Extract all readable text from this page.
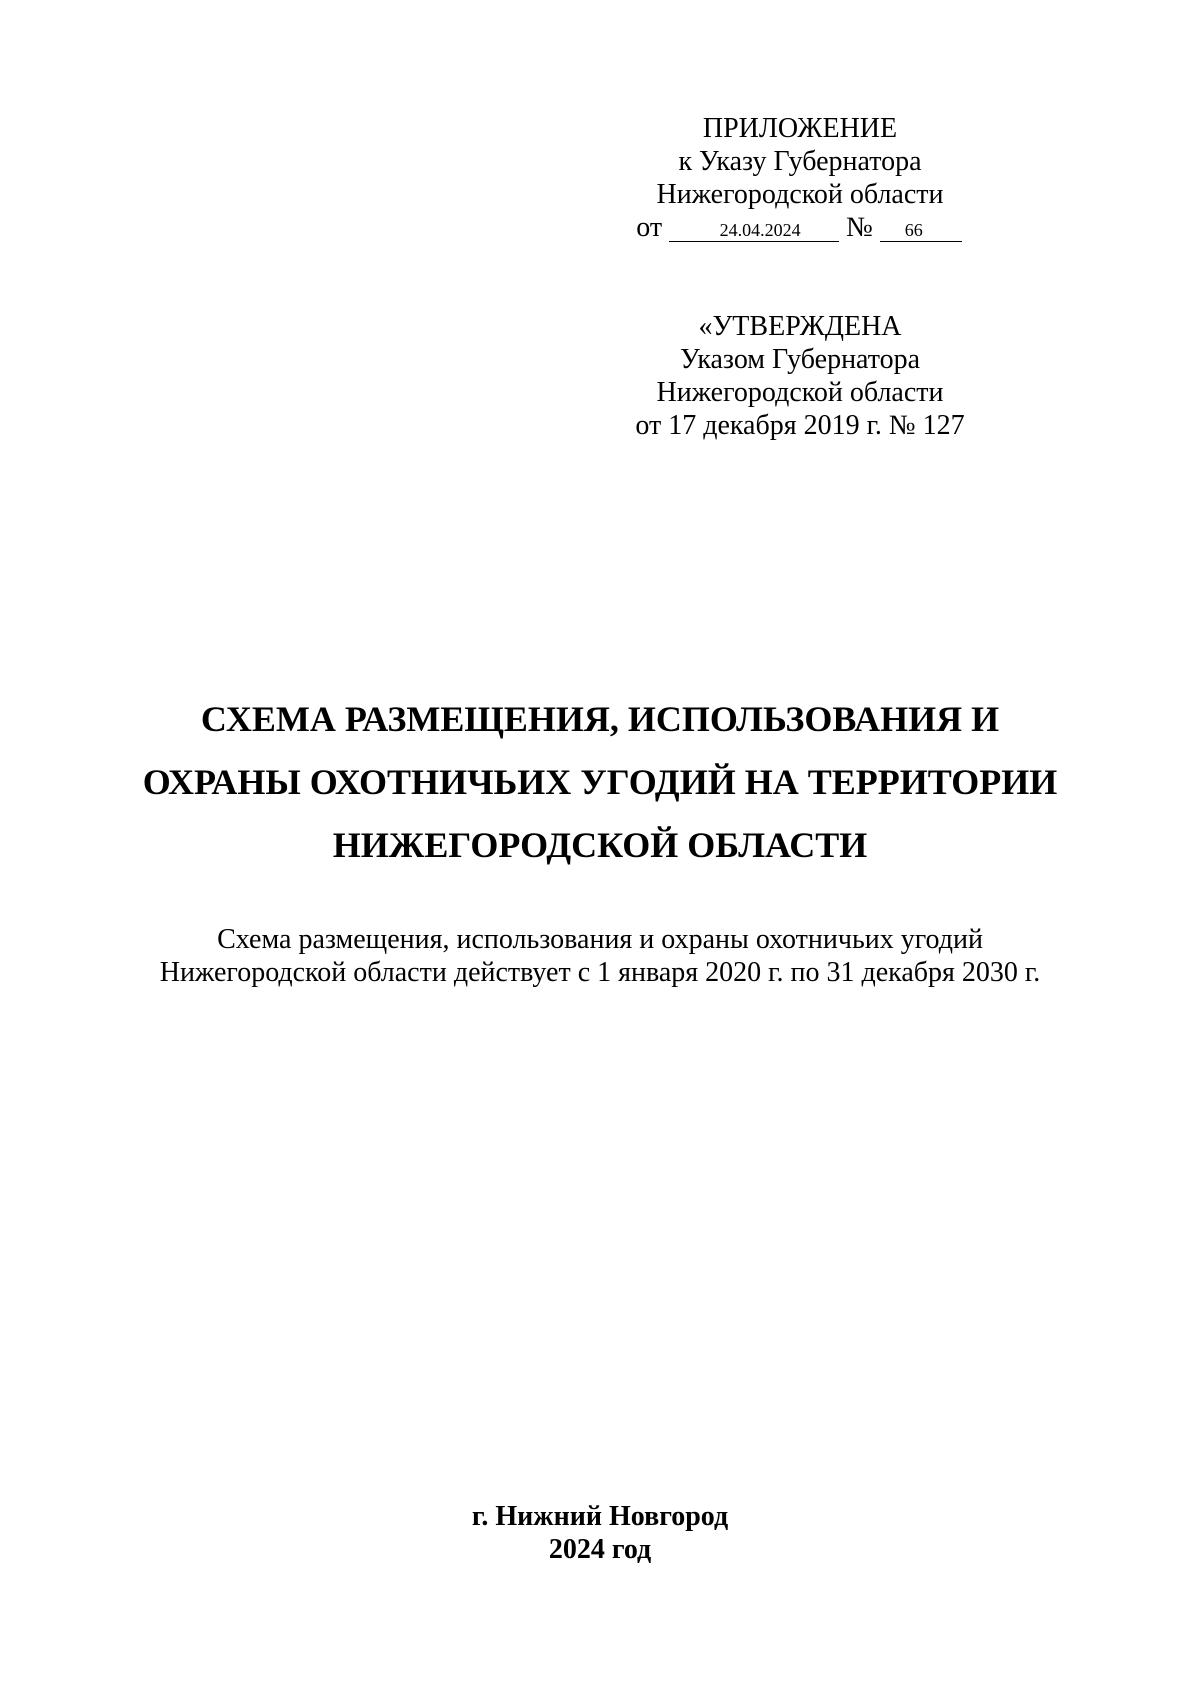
ПРИЛОЖЕНИЕ
к Указу Губернатора
Нижегородской области
от	24.04.2024 № 66
«УТВЕРЖДЕНА
Указом Губернатора
Нижегородской области
от 17 декабря 2019 г. № 127
СХЕМА РАЗМЕЩЕНИЯ, ИСПОЛЬЗОВАНИЯ И
ОХРАНЫ ОХОТНИЧЬИХ УГОДИЙ НА ТЕРРИТОРИИ
НИЖЕГОРОДСКОЙ ОБЛАСТИ
Схема размещения, использования и охраны охотничьих угодий
Нижегородской области действует с 1 января 2020 г. по 31 декабря 2030 г.
г. Нижний Новгород
2024 год
